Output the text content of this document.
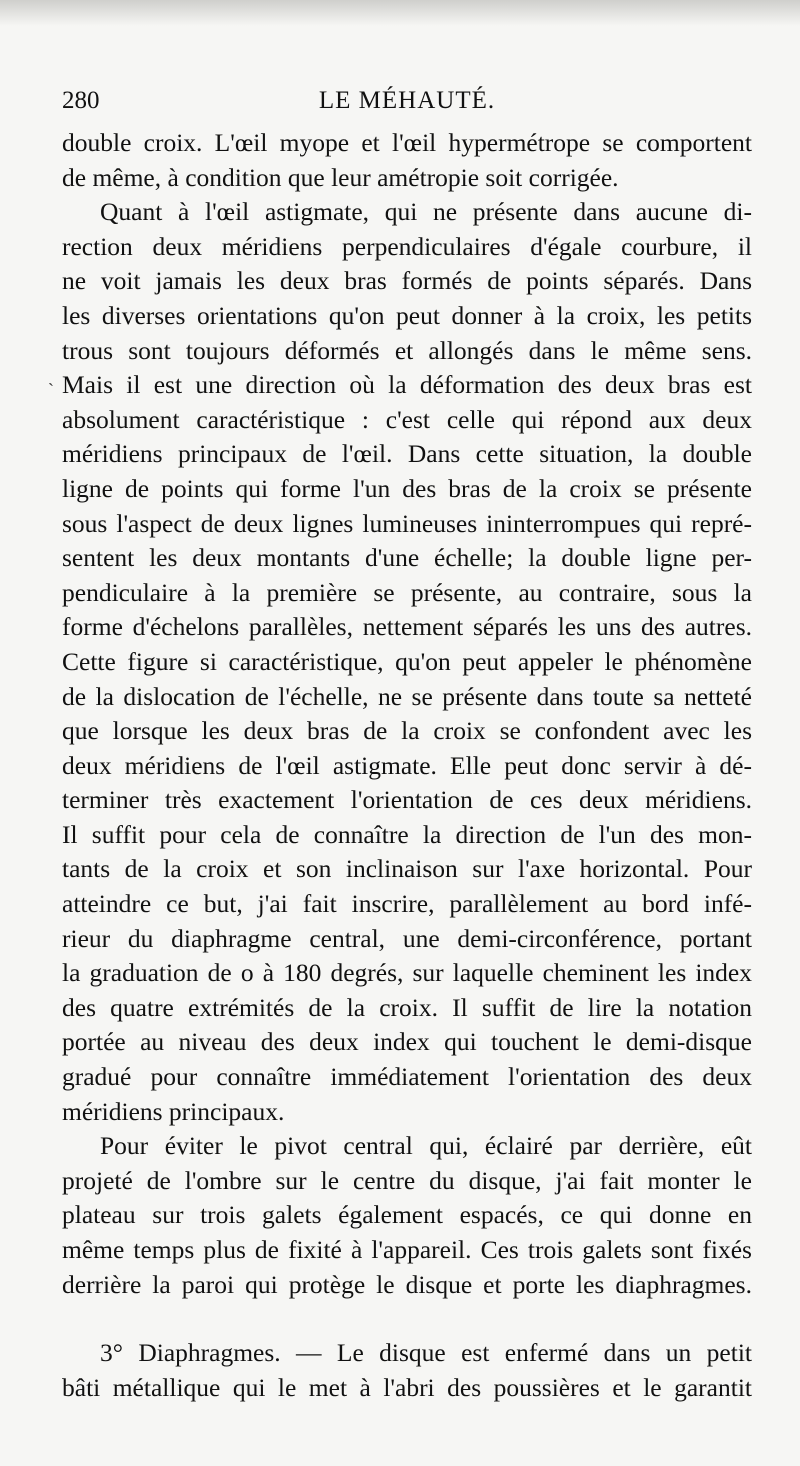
280	LE MÉHAUTÉ.
ˏ
double croix. L'œil myope et l'œil hypermétrope se comportent
de même, à condition que leur amétropie soit corrigée.
Quant à l'œil astigmate, qui ne présente dans aucune di-
rection deux méridiens perpendiculaires d'égale courbure, il
ne voit jamais les deux bras formés de points séparés. Dans
les diverses orientations qu'on peut donner à la croix, les petits
trous sont toujours déformés et allongés dans le même sens.
Mais il est une direction où la déformation des deux bras est
absolument caractéristique : c'est celle qui répond aux deux
méridiens principaux de l'œil. Dans cette situation, la double
ligne de points qui forme l'un des bras de la croix se présente
sous l'aspect de deux lignes lumineuses ininterrompues qui repré-
sentent les deux montants d'une échelle; la double ligne per-
pendiculaire à la première se présente, au contraire, sous la
forme d'échelons parallèles, nettement séparés les uns des autres.
Cette figure si caractéristique, qu'on peut appeler le phénomène
de la dislocation de l'échelle, ne se présente dans toute sa netteté
que lorsque les deux bras de la croix se confondent avec les
deux méridiens de l'œil astigmate. Elle peut donc servir à dé-
terminer très exactement l'orientation de ces deux méridiens.
Il suffit pour cela de connaître la direction de l'un des mon-
tants de la croix et son inclinaison sur l'axe horizontal. Pour
atteindre ce but, j'ai fait inscrire, parallèlement au bord infé-
rieur du diaphragme central, une demi-circonférence, portant
la graduation de o à 180 degrés, sur laquelle cheminent les index
des quatre extrémités de la croix. Il suffit de lire la notation
portée au niveau des deux index qui touchent le demi-disque
gradué pour connaître immédiatement l'orientation des deux
méridiens principaux.
Pour éviter le pivot central qui, éclairé par derrière, eût
projeté de l'ombre sur le centre du disque, j'ai fait monter le
plateau sur trois galets également espacés, ce qui donne en
même temps plus de fixité à l'appareil. Ces trois galets sont fixés
derrière la paroi qui protège le disque et porte les diaphragmes.
3° Diaphragmes. — Le disque est enfermé dans un petit
bâti métallique qui le met à l'abri des poussières et le garantit
